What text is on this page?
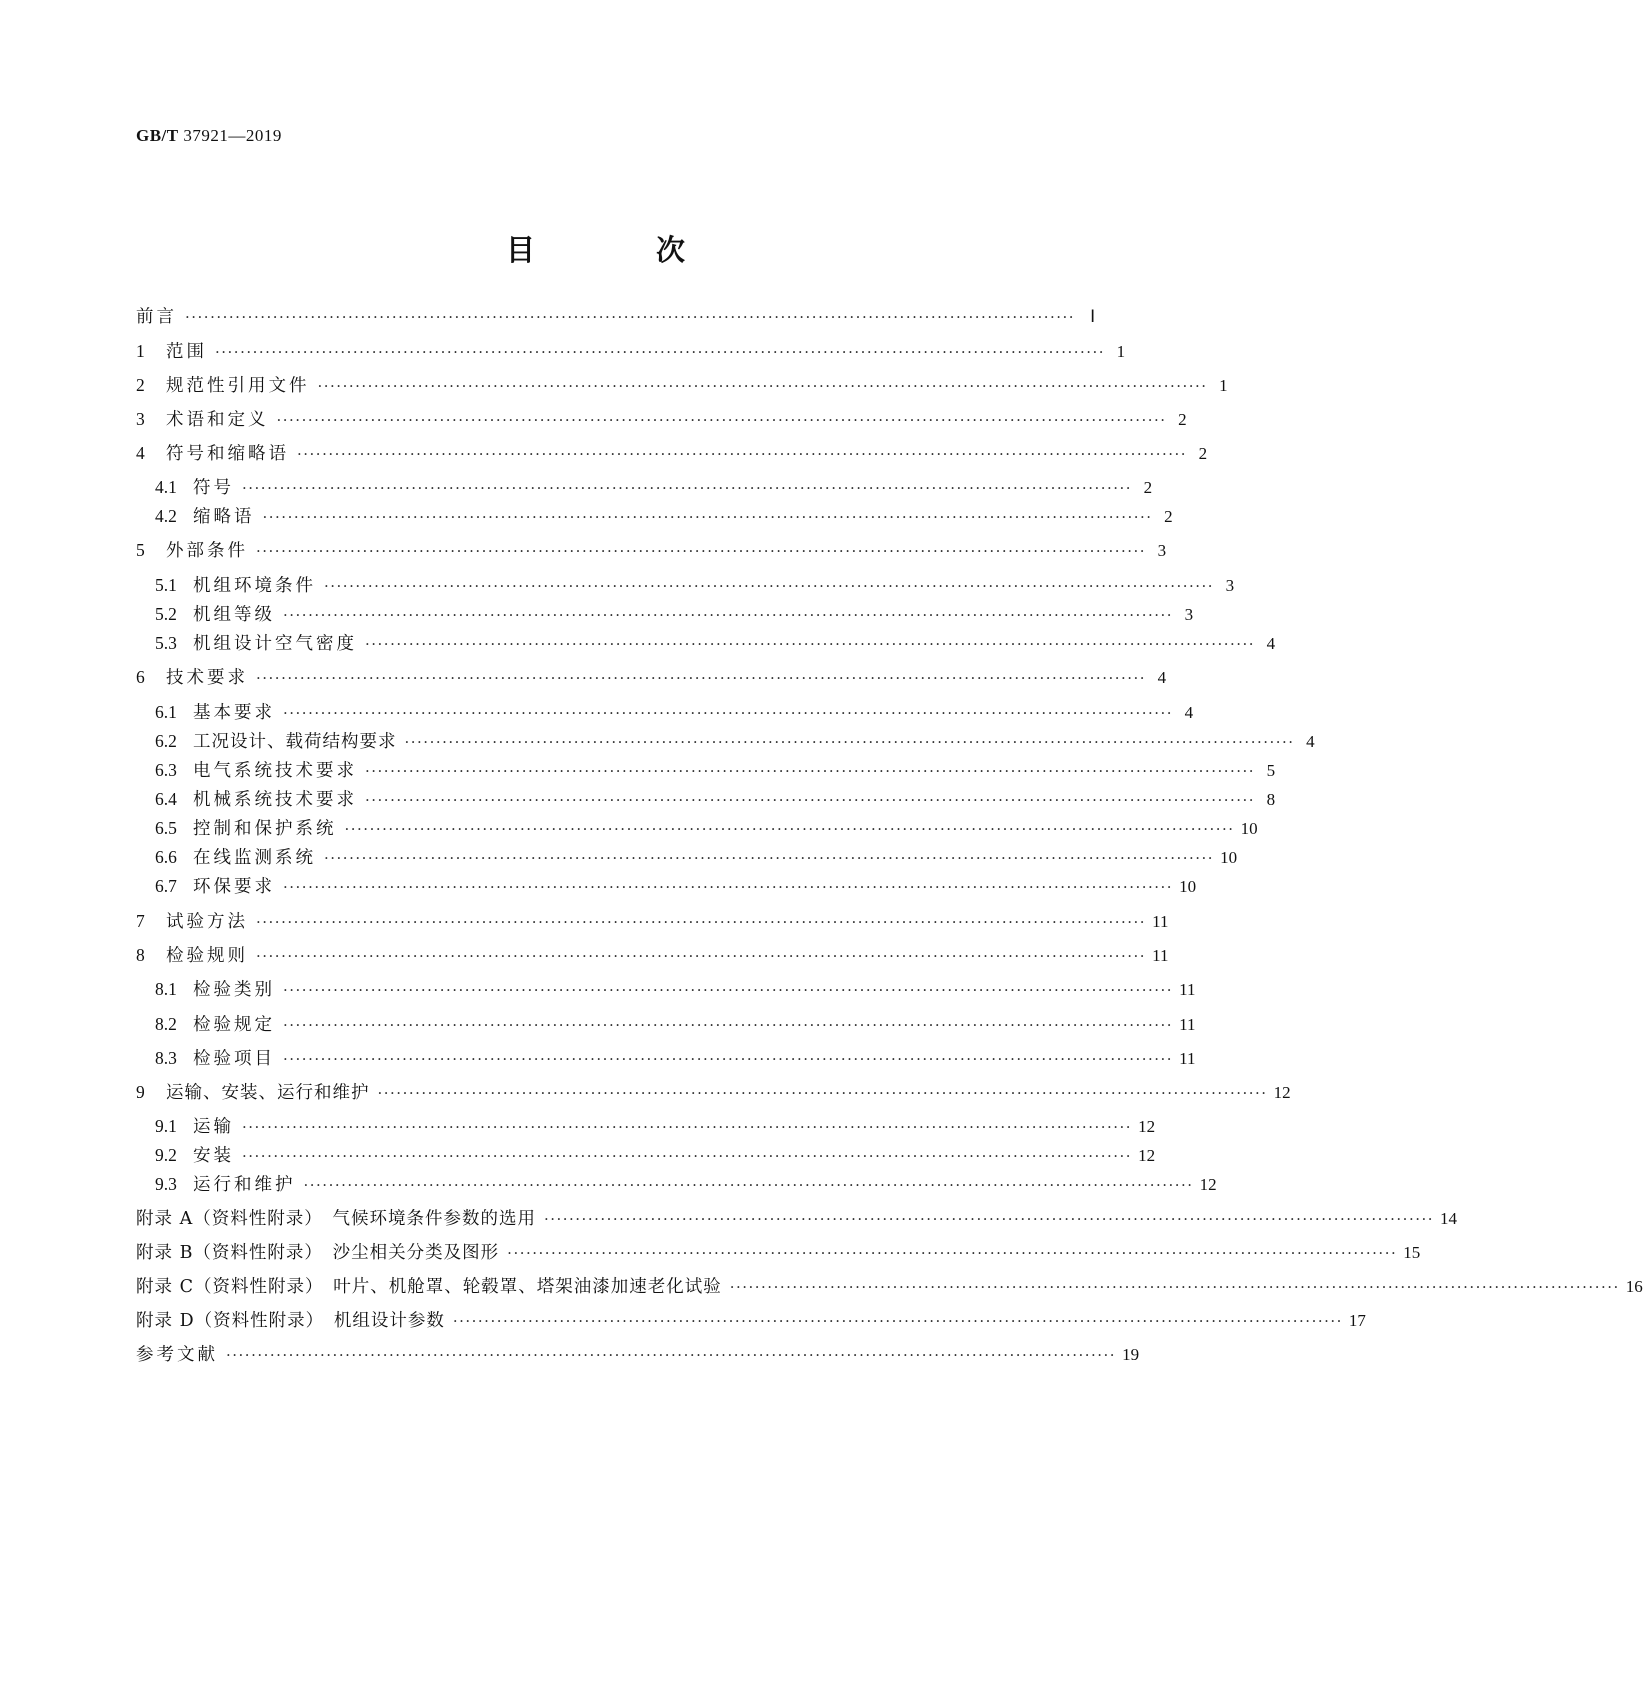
GB/T 37921—2019
目　次
前言 ·············································································································································· Ⅰ
1	范围 ·············································································································································· 1
2	规范性引用文件 ·············································································································································· 1
3	术语和定义 ·············································································································································· 2
4	符号和缩略语 ·············································································································································· 2
4.1 符号 ·············································································································································· 2
4.2 缩略语 ·············································································································································· 2
5	外部条件 ·············································································································································· 3
5.1 机组环境条件 ·············································································································································· 3
5.2 机组等级 ·············································································································································· 3
5.3 机组设计空气密度 ·············································································································································· 4
6	技术要求 ·············································································································································· 4
6.1 基本要求 ·············································································································································· 4
6.2 工况设计、载荷结构要求 ·············································································································································· 4
6.3 电气系统技术要求 ·············································································································································· 5
6.4 机械系统技术要求 ·············································································································································· 8
6.5 控制和保护系统 ·············································································································································· 10
6.6 在线监测系统 ·············································································································································· 10
6.7 环保要求 ·············································································································································· 10
7	试验方法 ·············································································································································· 11
8	检验规则 ·············································································································································· 11
8.1 检验类别 ·············································································································································· 11
8.2 检验规定 ·············································································································································· 11
8.3 检验项目 ·············································································································································· 11
9	运输、安装、运行和维护 ·············································································································································· 12
9.1 运输 ·············································································································································· 12
9.2 安装 ·············································································································································· 12
9.3 运行和维护 ·············································································································································· 12
附录 A（资料性附录）　气候环境条件参数的选用 ·············································································································································· 14
附录 B（资料性附录）　沙尘相关分类及图形 ·············································································································································· 15
附录 C（资料性附录）　叶片、机舱罩、轮毂罩、塔架油漆加速老化试验 ·············································································································································· 16
附录 D（资料性附录）　机组设计参数 ·············································································································································· 17
参考文献 ·············································································································································· 19
